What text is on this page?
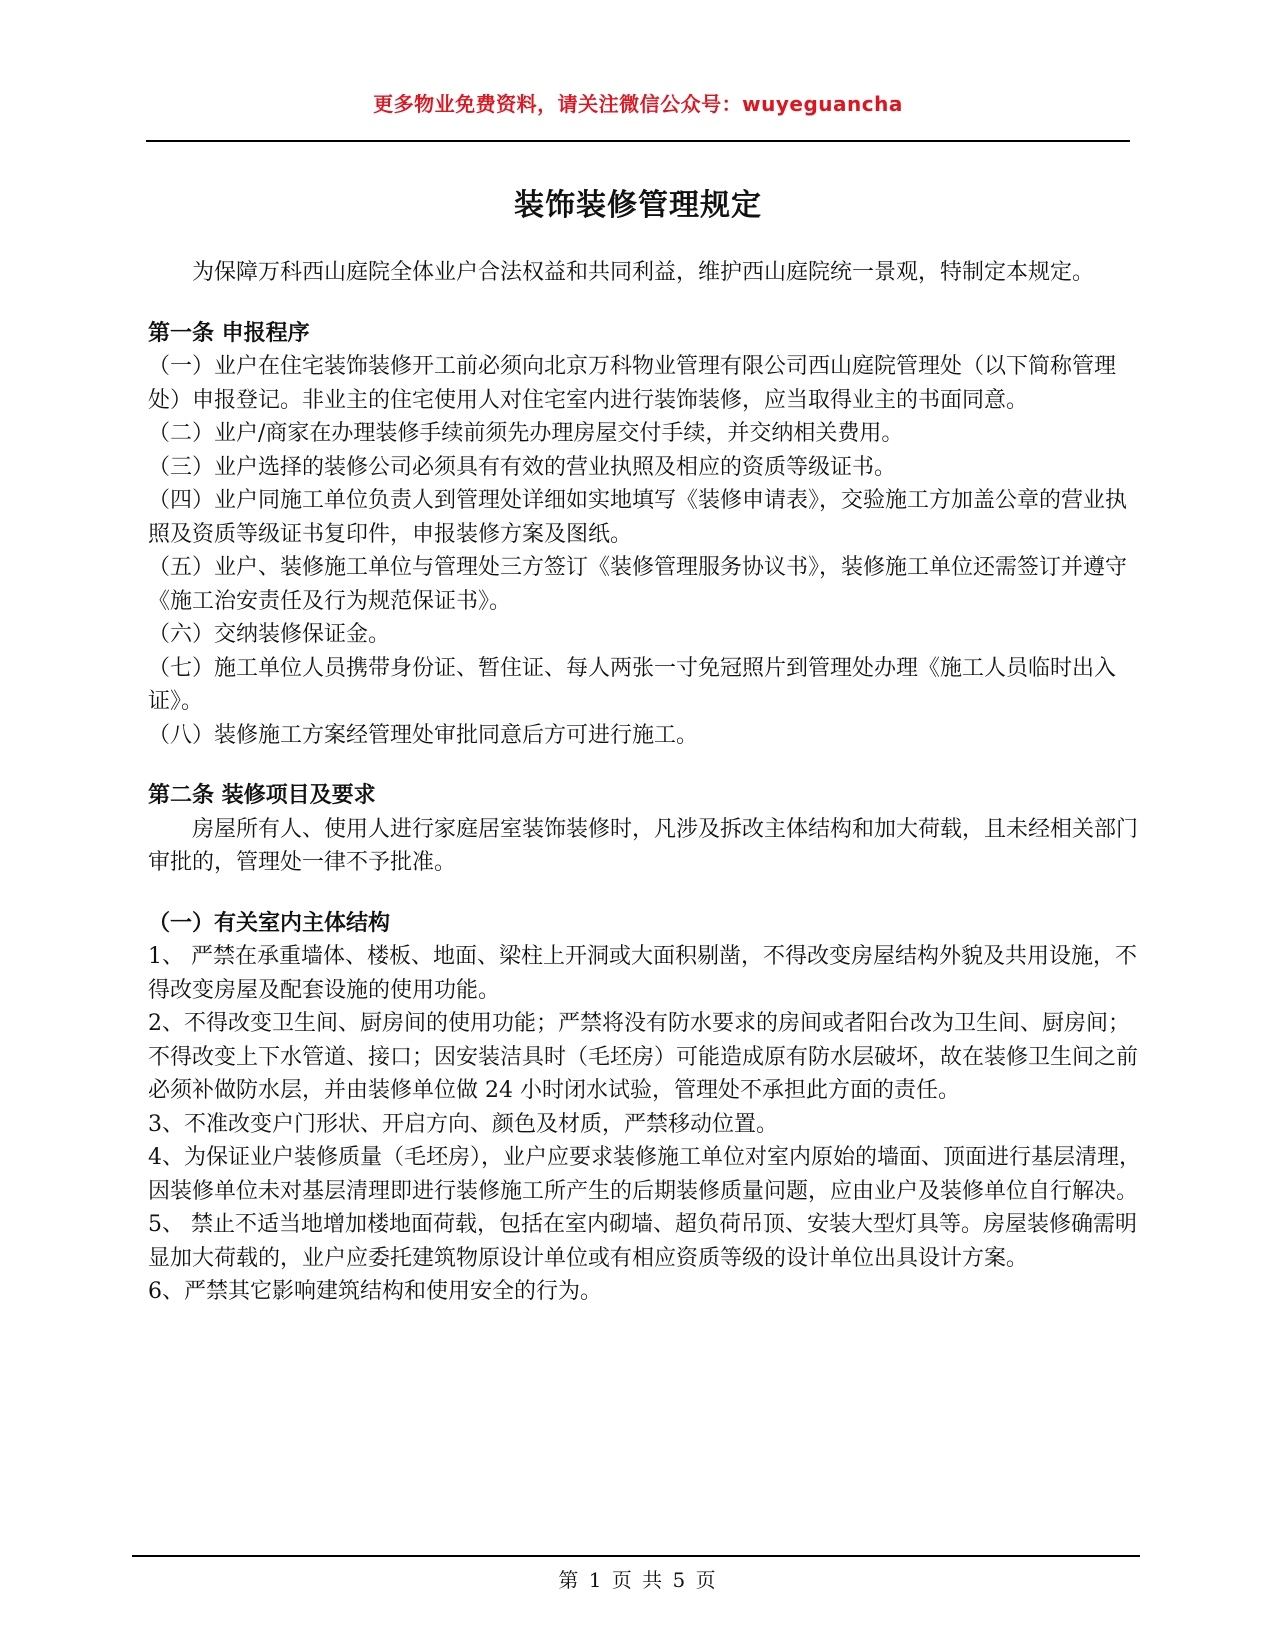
更多物业免费资料，请关注微信公众号：wuyeguancha
装饰装修管理规定

为保障万科西山庭院全体业户合法权益和共同利益，维护西山庭院统一景观，特制定本规定。

第一条 申报程序

（一）业户在住宅装饰装修开工前必须向北京万科物业管理有限公司西山庭院管理处（以下简称管理处）申报登记。非业主的住宅使用人对住宅室内进行装饰装修，应当取得业主的书面同意。

（二）业户/商家在办理装修手续前须先办理房屋交付手续，并交纳相关费用。

（三）业户选择的装修公司必须具有有效的营业执照及相应的资质等级证书。

（四）业户同施工单位负责人到管理处详细如实地填写《装修申请表》，交验施工方加盖公章的营业执照及资质等级证书复印件，申报装修方案及图纸。

（五）业户、装修施工单位与管理处三方签订《装修管理服务协议书》，装修施工单位还需签订并遵守《施工治安责任及行为规范保证书》。

（六）交纳装修保证金。

（七）施工单位人员携带身份证、暂住证、每人两张一寸免冠照片到管理处办理《施工人员临时出入证》。

（八）装修施工方案经管理处审批同意后方可进行施工。

第二条 装修项目及要求

房屋所有人、使用人进行家庭居室装饰装修时，凡涉及拆改主体结构和加大荷载，且未经相关部门审批的，管理处一律不予批准。

（一）有关室内主体结构

1、 严禁在承重墙体、楼板、地面、梁柱上开洞或大面积剔凿，不得改变房屋结构外貌及共用设施，不得改变房屋及配套设施的使用功能。

2、不得改变卫生间、厨房间的使用功能；严禁将没有防水要求的房间或者阳台改为卫生间、厨房间；不得改变上下水管道、接口；因安装洁具时（毛坯房）可能造成原有防水层破坏，故在装修卫生间之前必须补做防水层，并由装修单位做 24 小时闭水试验，管理处不承担此方面的责任。

3、不准改变户门形状、开启方向、颜色及材质，严禁移动位置。

4、为保证业户装修质量（毛坯房），业户应要求装修施工单位对室内原始的墙面、顶面进行基层清理，因装修单位未对基层清理即进行装修施工所产生的后期装修质量问题，应由业户及装修单位自行解决。

5、 禁止不适当地增加楼地面荷载，包括在室内砌墙、超负荷吊顶、安装大型灯具等。房屋装修确需明显加大荷载的，业户应委托建筑物原设计单位或有相应资质等级的设计单位出具设计方案。

6、严禁其它影响建筑结构和使用安全的行为。

第 1 页 共 5 页
